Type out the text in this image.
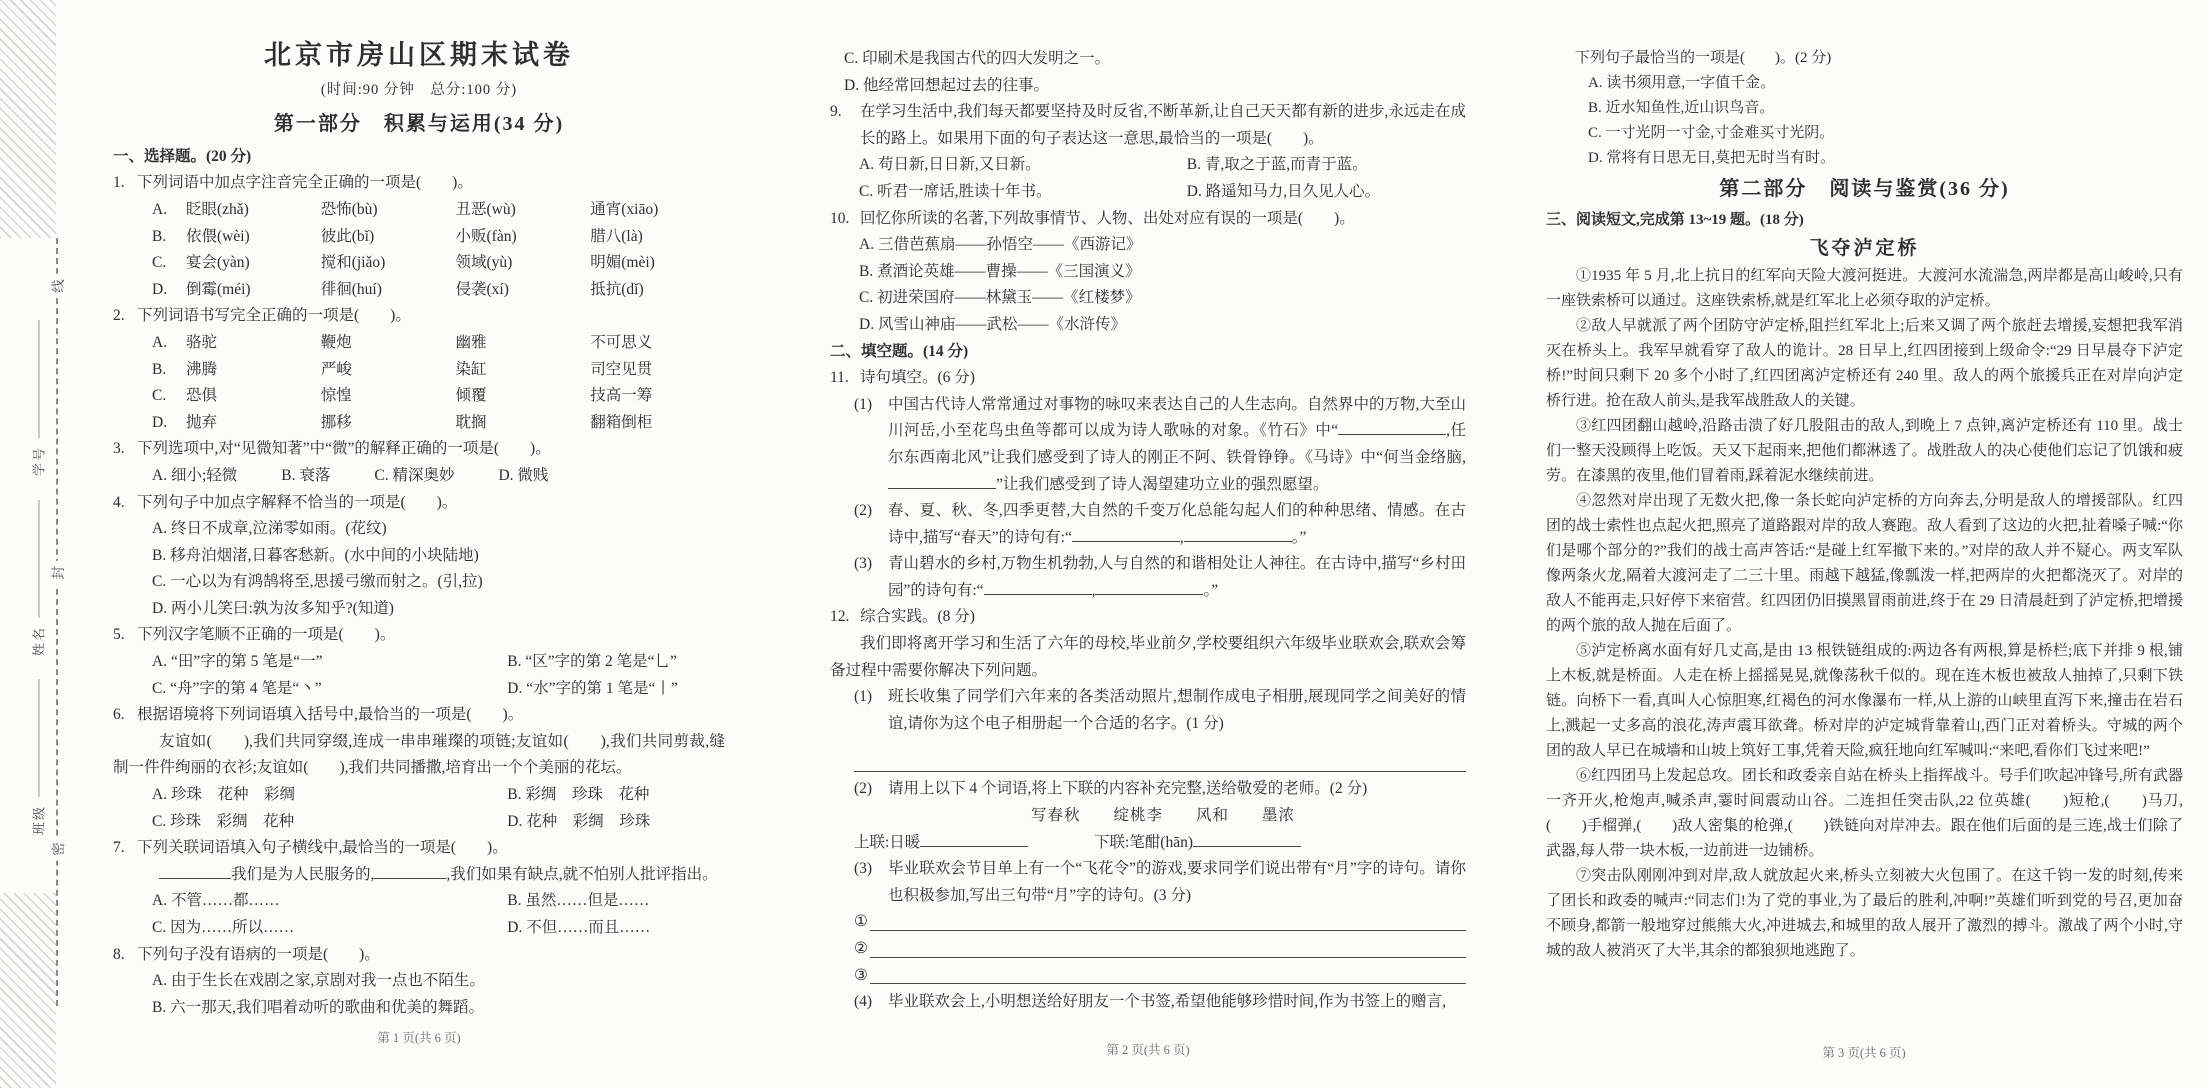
学号
姓名
班级
线
封
密
北京市房山区期末试卷
(时间:90 分钟　总分:100 分)
第一部分　积累与运用(34 分)
一、选择题。(20 分)
1. 下列词语中加点字注音完全正确的一项是(　　)。
A.	眨眼(zhǎ)	恐怖(bù)	丑恶(wù)	通宵(xiāo)
B.	依偎(wèi)	彼此(bǐ)	小贩(fàn)	腊八(là)
C.	宴会(yàn)	搅和(jiǎo)	领域(yù)	明媚(mèi)
D.	倒霉(méi)	徘徊(huí)	侵袭(xí)	抵抗(dǐ)
2. 下列词语书写完全正确的一项是(　　)。
A.	骆驼	鞭炮	幽雅	不可思义
B.	沸腾	严峻	染缸	司空见贯
C.	恐俱	惊惶	倾覆	技高一筹
D.	抛弃	挪移	耽搁	翻箱倒柜
3. 下列选项中,对“见微知著”中“微”的解释正确的一项是(　　)。
A. 细小;轻微	B. 衰落	C. 精深奥妙	D. 微贱
4. 下列句子中加点字解释不恰当的一项是(　　)。
A. 终日不成章,泣涕零如雨。(花纹)
B. 移舟泊烟渚,日暮客愁新。(水中间的小块陆地)
C. 一心以为有鸿鹄将至,思援弓缴而射之。(引,拉)
D. 两小儿笑曰:孰为汝多知乎?(知道)
5. 下列汉字笔顺不正确的一项是(　　)。
A. “田”字的第 5 笔是“一”	B. “区”字的第 2 笔是“乚”
C. “舟”字的第 4 笔是“丶”	D. “水”字的第 1 笔是“丨”
6. 根据语境将下列词语填入括号中,最恰当的一项是(　　)。
友谊如(　　),我们共同穿缀,连成一串串璀璨的项链;友谊如(　　),我们共同剪裁,缝制一件件绚丽的衣衫;友谊如(　　),我们共同播撒,培育出一个个美丽的花坛。
A. 珍珠　花种　彩绸	B. 彩绸　珍珠　花种
C. 珍珠　彩绸　花种	D. 花种　彩绸　珍珠
7. 下列关联词语填入句子横线中,最恰当的一项是(　　)。
我们是为人民服务的,	,我们如果有缺点,就不怕别人批评指出。
A. 不管……都……	B. 虽然……但是……
C. 因为……所以……	D. 不但……而且……
8. 下列句子没有语病的一项是(　　)。
A. 由于生长在戏剧之家,京剧对我一点也不陌生。
B. 六一那天,我们唱着动听的歌曲和优美的舞蹈。
C. 印刷术是我国古代的四大发明之一。
D. 他经常回想起过去的往事。
9. 在学习生活中,我们每天都要坚持及时反省,不断革新,让自己天天都有新的进步,永远走在成长的路上。如果用下面的句子表达这一意思,最恰当的一项是(　　)。
A. 苟日新,日日新,又日新。	B. 青,取之于蓝,而青于蓝。
C. 听君一席话,胜读十年书。	D. 路遥知马力,日久见人心。
10. 回忆你所读的名著,下列故事情节、人物、出处对应有误的一项是(　　)。
A. 三借芭蕉扇——孙悟空——《西游记》
B. 煮酒论英雄——曹操——《三国演义》
C. 初进荣国府——林黛玉——《红楼梦》
D. 风雪山神庙——武松——《水浒传》
二、填空题。(14 分)
11. 诗句填空。(6 分)
(1) 中国古代诗人常常通过对事物的咏叹来表达自己的人生志向。自然界中的万物,大至山川河岳,小至花鸟虫鱼等都可以成为诗人歌咏的对象。《竹石》中“	,任尔东西南北风”让我们感受到了诗人的刚正不阿、铁骨铮铮。《马诗》中“何当金络脑,”让我们感受到了诗人渴望建功立业的强烈愿望。
(2) 春、夏、秋、冬,四季更替,大自然的千变万化总能勾起人们的种种思绪、情感。在古诗中,描写“春天”的诗句有:“	,	。”
(3) 青山碧水的乡村,万物生机勃勃,人与自然的和谐相处让人神往。在古诗中,描写“乡村田园”的诗句有:“	,	。”
12. 综合实践。(8 分)
我们即将离开学习和生活了六年的母校,毕业前夕,学校要组织六年级毕业联欢会,联欢会筹备过程中需要你解决下列问题。
(1) 班长收集了同学们六年来的各类活动照片,想制作成电子相册,展现同学之间美好的情谊,请你为这个电子相册起一个合适的名字。(1 分)
(2) 请用上以下 4 个词语,将上下联的内容补充完整,送给敬爱的老师。(2 分)
写春秋　　绽桃李　　风和　　墨浓
上联:日暖	下联:笔酣(hān)
(3) 毕业联欢会节目单上有一个“飞花令”的游戏,要求同学们说出带有“月”字的诗句。请你也积极参加,写出三句带“月”字的诗句。(3 分)
①
②
③
(4) 毕业联欢会上,小明想送给好朋友一个书签,希望他能够珍惜时间,作为书签上的赠言,
下列句子最恰当的一项是(　　)。(2 分)
A. 读书须用意,一字值千金。
B. 近水知鱼性,近山识鸟音。
C. 一寸光阴一寸金,寸金难买寸光阴。
D. 常将有日思无日,莫把无时当有时。
第二部分　阅读与鉴赏(36 分)
三、阅读短文,完成第 13~19 题。(18 分)
飞夺泸定桥
①1935 年 5 月,北上抗日的红军向天险大渡河挺进。大渡河水流湍急,两岸都是高山峻岭,只有一座铁索桥可以通过。这座铁索桥,就是红军北上必须夺取的泸定桥。
②敌人早就派了两个团防守泸定桥,阻拦红军北上;后来又调了两个旅赶去增援,妄想把我军消灭在桥头上。我军早就看穿了敌人的诡计。28 日早上,红四团接到上级命令:“29 日早晨夺下泸定桥!”时间只剩下 20 多个小时了,红四团离泸定桥还有 240 里。敌人的两个旅援兵正在对岸向泸定桥行进。抢在敌人前头,是我军战胜敌人的关键。
③红四团翻山越岭,沿路击溃了好几股阻击的敌人,到晚上 7 点钟,离泸定桥还有 110 里。战士们一整天没顾得上吃饭。天又下起雨来,把他们都淋透了。战胜敌人的决心使他们忘记了饥饿和疲劳。在漆黑的夜里,他们冒着雨,踩着泥水继续前进。
④忽然对岸出现了无数火把,像一条长蛇向泸定桥的方向奔去,分明是敌人的增援部队。红四团的战士索性也点起火把,照亮了道路跟对岸的敌人赛跑。敌人看到了这边的火把,扯着嗓子喊:“你们是哪个部分的?”我们的战士高声答话:“是碰上红军撤下来的。”对岸的敌人并不疑心。两支军队像两条火龙,隔着大渡河走了二三十里。雨越下越猛,像瓢泼一样,把两岸的火把都浇灭了。对岸的敌人不能再走,只好停下来宿营。红四团仍旧摸黑冒雨前进,终于在 29 日清晨赶到了泸定桥,把增援的两个旅的敌人抛在后面了。
⑤泸定桥离水面有好几丈高,是由 13 根铁链组成的:两边各有两根,算是桥栏;底下并排 9 根,铺上木板,就是桥面。人走在桥上摇摇晃晃,就像荡秋千似的。现在连木板也被敌人抽掉了,只剩下铁链。向桥下一看,真叫人心惊胆寒,红褐色的河水像瀑布一样,从上游的山峡里直泻下来,撞击在岩石上,溅起一丈多高的浪花,涛声震耳欲聋。桥对岸的泸定城背靠着山,西门正对着桥头。守城的两个团的敌人早已在城墙和山坡上筑好工事,凭着天险,疯狂地向红军喊叫:“来吧,看你们飞过来吧!”
⑥红四团马上发起总攻。团长和政委亲自站在桥头上指挥战斗。号手们吹起冲锋号,所有武器一齐开火,枪炮声,喊杀声,霎时间震动山谷。二连担任突击队,22 位英雄(　　)短枪,(　　)马刀,(　　)手榴弹,(　　)敌人密集的枪弹,(　　)铁链向对岸冲去。跟在他们后面的是三连,战士们除了武器,每人带一块木板,一边前进一边铺桥。
⑦突击队刚刚冲到对岸,敌人就放起火来,桥头立刻被大火包围了。在这千钧一发的时刻,传来了团长和政委的喊声:“同志们!为了党的事业,为了最后的胜利,冲啊!”英雄们听到党的号召,更加奋不顾身,都箭一般地穿过熊熊大火,冲进城去,和城里的敌人展开了激烈的搏斗。激战了两个小时,守城的敌人被消灭了大半,其余的都狼狈地逃跑了。
第 1 页(共 6 页)
第 2 页(共 6 页)	第 3 页(共 6 页)
